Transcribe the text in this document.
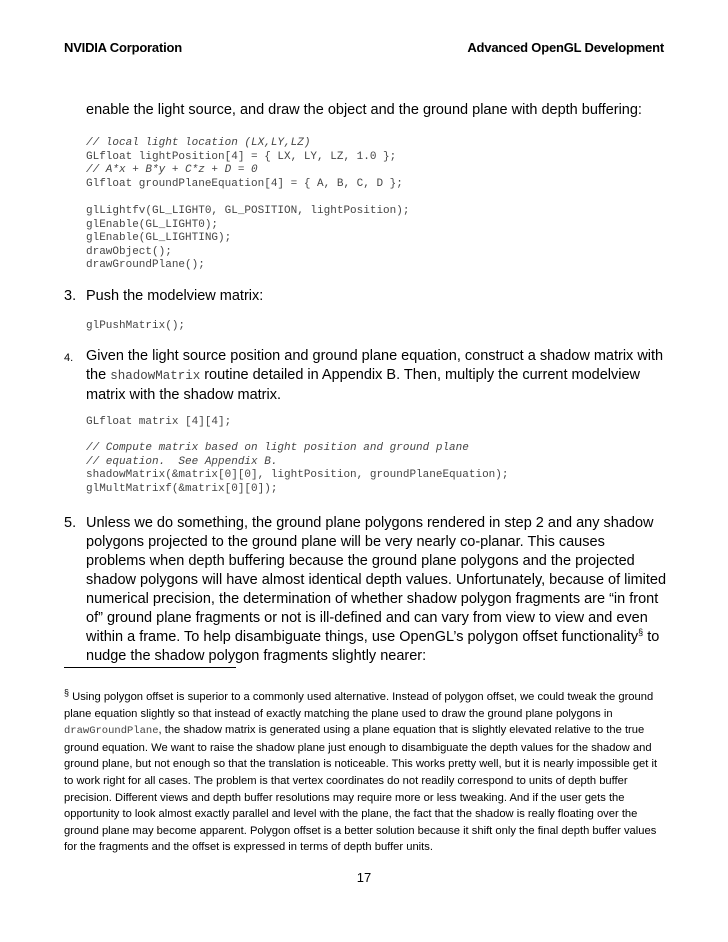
NVIDIA Corporation	Advanced OpenGL Development
enable the light source, and draw the object and the ground plane with depth buffering:
// local light location (LX,LY,LZ)
GLfloat lightPosition[4] = { LX, LY, LZ, 1.0 };
// A*x + B*y + C*z + D = 0
Glfloat groundPlaneEquation[4] = { A, B, C, D };
glLightfv(GL_LIGHT0, GL_POSITION, lightPosition);
glEnable(GL_LIGHT0);
glEnable(GL_LIGHTING);
drawObject();
drawGroundPlane();
3. Push the modelview matrix:
glPushMatrix();
4. Given the light source position and ground plane equation, construct a shadow matrix with
the shadowMatrix routine detailed in Appendix B. Then, multiply the current modelview
matrix with the shadow matrix.
GLfloat matrix [4][4];
// Compute matrix based on light position and ground plane
// equation.  See Appendix B.
shadowMatrix(&matrix[0][0], lightPosition, groundPlaneEquation);
glMultMatrixf(&matrix[0][0]);
5. Unless we do something, the ground plane polygons rendered in step 2 and any shadow
polygons projected to the ground plane will be very nearly co-planar. This causes
problems when depth buffering because the ground plane polygons and the projected
shadow polygons will have almost identical depth values. Unfortunately, because of limited
numerical precision, the determination of whether shadow polygon fragments are “in front
of” ground plane fragments or not is ill-defined and can vary from view to view and even
within a frame. To help disambiguate things, use OpenGL’s polygon offset functionality§ to
nudge the shadow polygon fragments slightly nearer:
§ Using polygon offset is superior to a commonly used alternative. Instead of polygon offset, we could tweak the ground plane equation slightly so that instead of exactly matching the plane used to draw the ground plane polygons in drawGroundPlane, the shadow matrix is generated using a plane equation that is slightly elevated relative to the true ground equation. We want to raise the shadow plane just enough to disambiguate the depth values for the shadow and ground plane, but not enough so that the translation is noticeable. This works pretty well, but it is nearly impossible get it to work right for all cases. The problem is that vertex coordinates do not readily correspond to units of depth buffer precision. Different views and depth buffer resolutions may require more or less tweaking. And if the user gets the opportunity to look almost exactly parallel and level with the plane, the fact that the shadow is really floating over the ground plane may become apparent. Polygon offset is a better solution because it shift only the final depth buffer values for the fragments and the offset is expressed in terms of depth buffer units.
17
